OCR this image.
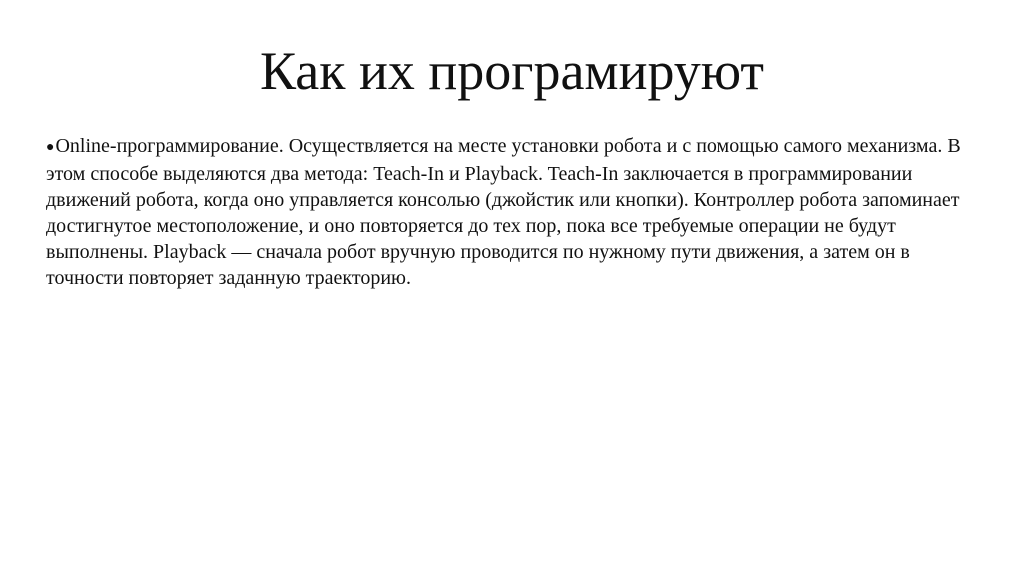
Как их програмируют
●Online-программирование. Осуществляется на месте установки робота и с помощью самого механизма. В этом способе выделяются два метода: Teach-In и Playback. Teach-In заключается в программировании движений робота, когда оно управляется консолью (джойстик или кнопки). Контроллер робота запоминает достигнутое местоположение, и оно повторяется до тех пор, пока все требуемые операции не будут выполнены. Playback — сначала робот вручную проводится по нужному пути движения, а затем он в точности повторяет заданную траекторию.
